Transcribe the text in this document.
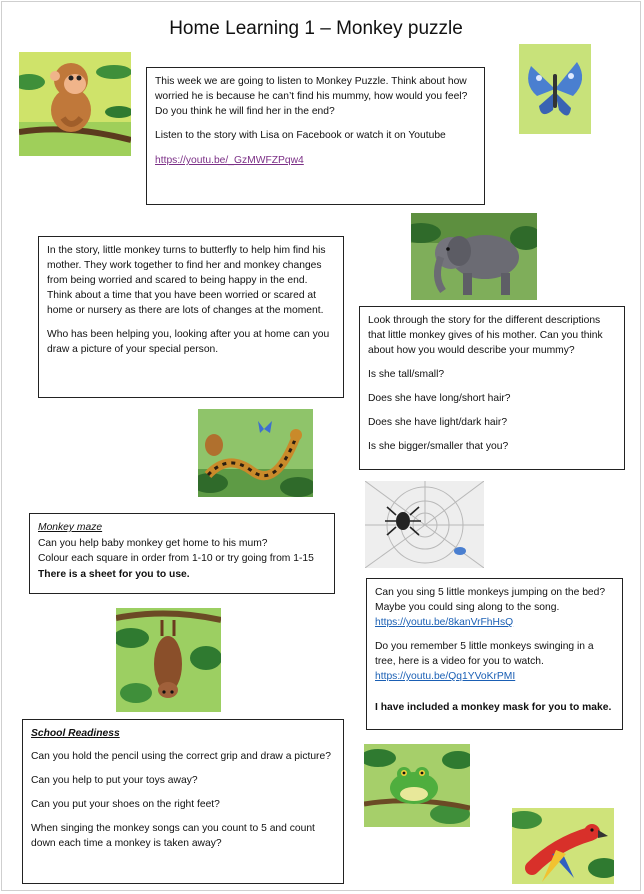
Home Learning 1 – Monkey puzzle

This week we are going to listen to Monkey Puzzle. Think about how worried he is because he can’t find his mummy, how would you feel?

Do you think he will find her in the end?

Listen to the story with Lisa on Facebook or watch it on Youtube

https://youtu.be/_GzMWFZPqw4

In the story, little monkey turns to butterfly to help him find his mother. They work together to find her and monkey changes from being worried and scared to being happy in the end. Think about a time that you have been worried or scared at home or nursery as there are lots of changes at the moment.

Who has been helping you, looking after you at home can you draw a picture of your special person.

Look through the story for the different descriptions that little monkey gives of his mother. Can you think about how you would describe your mummy?

Is she tall/small?

Does she have long/short hair?

Does she have light/dark hair?

Is she bigger/smaller that you?

Monkey maze
Can you help baby monkey get home to his mum?
Colour each square in order from 1-10 or try going from 1-15
There is a sheet for you to use.

Can you sing 5 little monkeys jumping on the bed? Maybe you could sing along to the song.

https://youtu.be/8kanVrFhHsQ

Do you remember 5 little monkeys swinging in a tree, here is a video for you to watch.

https://youtu.be/Qq1YVoKrPMI

I have included a monkey mask for you to make.

School Readiness

Can you hold the pencil using the correct grip and draw a picture?

Can you help to put your toys away?

Can you put your shoes on the right feet?

When singing the monkey songs can you count to 5 and count down each time a monkey is taken away?
